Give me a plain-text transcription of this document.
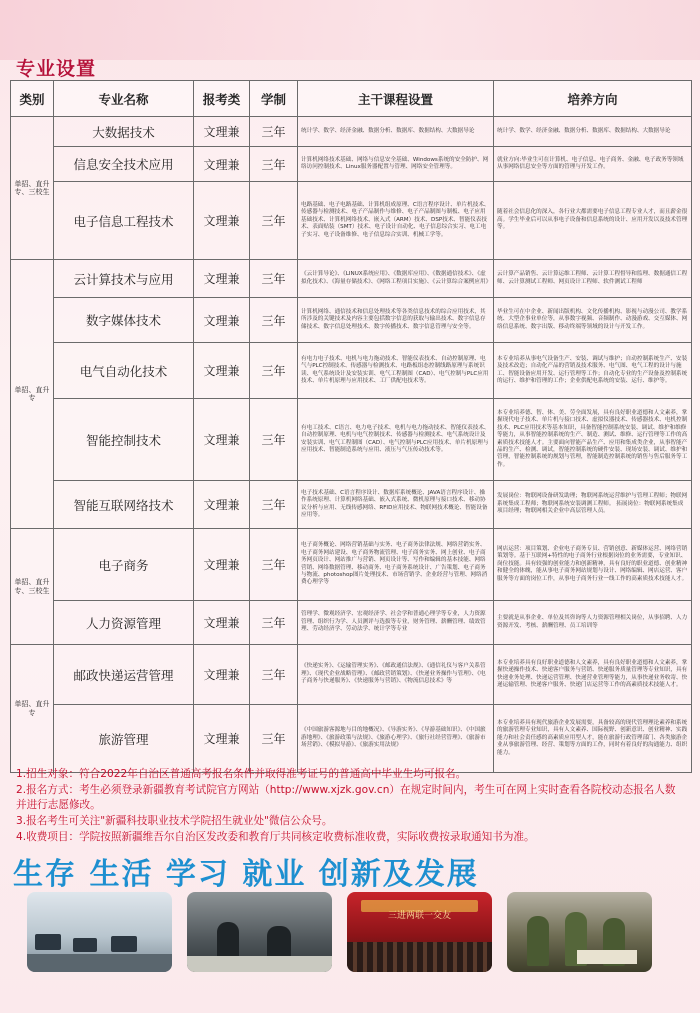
专业设置
类别	专业名称	报考类	学制	主干课程设置	培养方向
单招、直升专、三校生	大数据技术	文理兼	三年	统计学、数学、经济金融、数据分析、数据库、数据结构、大数据导论	统计学、数学、经济金融、数据分析、数据库、数据结构、大数据导论
	信息安全技术应用	文理兼	三年	计算机网络技术基础、网络与信息安全基础、Windows系统的安全防护、网络访问控制技术、Linux服务器配置与管理、网络安全管理等。	就业方向:毕业生可在计算机、电子信息、电子商务、金融、电子政务等领域从事网络信息安全等方面的管理与开发工作。
	电子信息工程技术	文理兼	三年	电路基础、电子电路基础、计算机组成原理、C语言程序设计、单片机技术、传感器与检测技术、电子产品制作与维修、电子产品制图与制板、电子应用基础技术、计算机网络技术、嵌入式（ARM）技术、DSP技术、智能仪表技术、表面贴装（SMT）技术、电子设计自动化、电子信息综合实习、电工电子实习、电子设备维修、电子信息综合实训、机械工学等。	随着社会信息化的深入，各行业大都需要电子信息工程专业人才，而且薪金很高。学生毕业后可以从事电子设备和信息系统的设计、应用开发以及技术管理等。
单招、直升专	云计算技术与应用	文理兼	三年	《云计算导论》、《LINUX系统应用》、《数据库应用》、《数据通信技术》、《虚拟化技术》、《海量存储技术》、《网络工程项目实施》、《云计算综合案例应用》	云计算产品销售、云计算运维工程师、云计算工程督导和监理、数据通信工程师、云计算测试工程师、网页设计工程师、软件测试工程师
	数字媒体技术	文理兼	三年	计算机网络、通信技术和信息处理技术等各类信息技术的综合应用技术，其所涉及的关键技术及内容主要包括数字信息的获取与输出技术、数字信息存储技术、数字信息处理技术、数字传播技术、数字信息管理与安全等。	毕业生可在中企业、新闻出版机构、文化传播机构、影视与动漫公司、教学系统、大型企事业单位等，从事数字视频、音频制作、动漫游戏、交互媒体、网络信息系统、数字出版、移动终端等领域的设计与开发工作。
	电气自动化技术	文理兼	三年	有电力电子技术、电机与电力拖动技术、智能仪表技术、自动控制原理、电气与PLC控制技术、传感器与检测技术、电路板组态控制线路原理与系统识读、电气系统设计及安装实训、电气工程制图（CAD）、电气控制与PLC应用技术、单片机原理与应用技术、工厂供配电技术等。	本专业培养从事电气设备生产、安装、调试与维护；自动控制系统生产、安装及技术改造；自动化产品的营销及技术服务、电气图、电气工程的设计与施工、智能设备应用开发、运行管理等工作；自动化专业的生产设备及控制系统的运行、维护和管理的工作；企业供配电系统的安装、运行、维护等。
	智能控制技术	文理兼	三年	有电工技术、C语言、电力电子技术、电机与电力拖动技术、智能仪表技术、自动控制原理、电机与电气控制技术、传感器与检测技术、电气系统设计及安装实训、电气工程制图（CAD）、电气控制与PLC应用技术、单片机原理与应用技术、智能制造系统与应用、液压与气压传动技术等。	本专业培养德、智、体、美、劳全面发展，具有良好职业道德和人文素养，掌握现代电子技术、单片机与接口技术、虚拟仪器技术、传感器技术、电机控制技术、PLC应用技术等基本知识，具备智能控制系统安装、调试、维护和维修等能力，从事智能控制系统的生产、制造、测试、维修、运行管理等工作的高素质技术技能人才。主要面向智能产品生产、应用和集成类企业，从事智能产品的生产、检测、调试，智能控制系统的硬件安装、现场安装、调试、维护和管理，智能控制系统的规划与管理，智能制造控制系统的销售与售后服务等工作。
	智能互联网络技术	文理兼	三年	电子技术基础、C语言程序设计、数据库系统概论、JAVA语言程序设计、操作系统原理、计算机网络基础、嵌入式系统、微机原理与接口技术、移动协议分析与应用、无线传感网络、RFID应用技术、物联网技术概论、智能设备应用等。	发展岗位：物联网设备研发助理；物联网系统运营维护与管理工程师；物联网系统集成工程师；物联网系统安装调测工程师。 拓展岗位：物联网系统集成项目经理；物联网相关企业中高层管理人员。
单招、直升专、三校生	电子商务	文理兼	三年	电子商务概论、网络营销基础与实务、电子商务法律法规、网络营销实务、电子商务网站建设、电子商务物流管理、电子商务实务、网上创业、电子商务网页设计、网站推广与营销、网页设计等、写作和编辑的基本技能、网络营销、网络数据管理、移动商务、电子商务系统设计、广告策划、电子商务与物流、photoshop图片处理技术、市场营销学、企业经营与管理、网络消费心理学等	网店运营：项目策划、企业电子商务专员、营销创意、新媒体运营、网络营销策划等。基于互联网+特性的电子商务行业根据岗位的业务需要，专业知识、岗位技能。具有较强的创业能力和创新精神，具有良好的职业道德、创业精神和健全的体魄，能从事电子商务网站规划与设计、网络编辑、网店运营、客户服务等方面的岗位工作，从事电子商务行业一线工作的高素质技术技能人才。
	人力资源管理	文理兼	三年	管理学、微观经济学、宏观经济学、社会学和普通心理学等专业，人力资源管理、组织行为学、人员测评与选拔等专业，财务管理、薪酬管理、绩效管理、劳动经济学、劳动法学、统计学等专业	主要就是从事企业、单位及其咨询等人力资源管理相关岗位，从事招聘、人力资源开发、考核、薪酬管理、员工培训等
单招、直升专	邮政快递运营管理	文理兼	三年	《快递实务》、《运输管理实务》、《邮政通信法规》、《通信礼仪与客户关系管理》、《现代企业战略管理》、《邮政营销策划》、《快递业务操作与管理》、《电子商务与快递服务》、《快递服务与营销》、《物流信息技术》等	本专业培养具有良好职业道德和人文素养，具有良好职业道德和人文素养，掌握快递操作技术、快递客户服务与营销、快递服务质量管理等专业知识，具有快递业务处理、快递运营管理、快递营业管理等能力，从事快递业务收寄、快递运输管理、快递客户服务、快递门店运营等工作的高素质技术技能人才。
	旅游管理	文理兼	三年	《中国旅游客源地与目的地概况》、《导游实务》、《导游基础知识》、《中国旅游地理》、《旅游政策与法规》、《旅游心理学》、《旅行社经营管理》、《旅游市场营销》、《模拟导游》、《旅游实用法规》	本专业培养具有现代旅游企业发展需要，具备较高的现代管理理论素养和系统的旅游管理专业知识，具有人文素养、国际视野、创新意识、创业精神、实践能力和社会责任感的高素质应用型人才，能在旅游行政管理部门、各类旅游企业从事旅游管理、经营、策划等方面的工作，同时有着良好的沟通能力、组织能力。

1.招生对象：符合2022年自治区普通高考报名条件并取得准考证号的普通高中毕业生均可报名。

2.报名方式：考生必须登录新疆教育考试院官方网站（http://www.xjzk.gov.cn）在规定时间内，考生可在网上实时查看各院校动态报名人数并进行志愿修改。

3.报名考生可关注"新疆科技职业技术学院招生就业处"微信公众号。

4.收费项目：学院按照新疆维吾尔自治区发改委和教育厅共同核定收费标准收费，实际收费按录取通知书为准。

生存 生活 学习 就业 创新及发展
三进两联一交友
